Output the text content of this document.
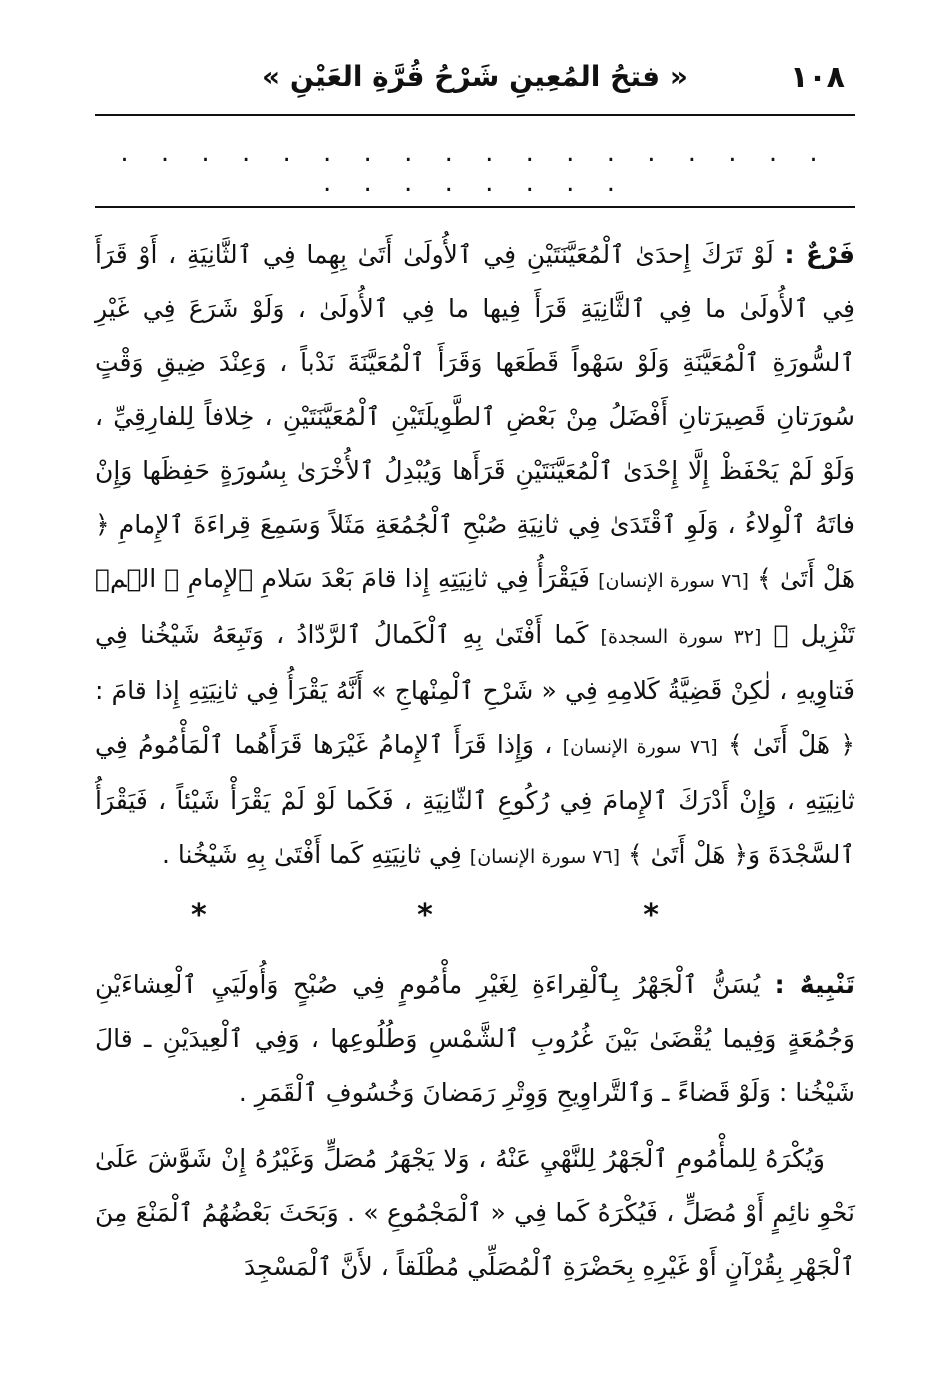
١٠٨
« فتحُ المُعِينِ شَرْحُ قُرَّةِ العَيْنِ »
. . . . . . . . . . . . . . . . . . . . . . . . . .
فَرْعٌ : لَوْ تَرَكَ إِحدَىٰ ٱلْمُعَيَّنَتَيْنِ فِي ٱلأُولَىٰ أَتَىٰ بِهِما فِي ٱلثَّانِيَةِ ، أَوْ قَرَأَ فِي ٱلأُولَىٰ ما فِي ٱلثَّانِيَةِ قَرَأَ فِيها ما فِي ٱلأُولَىٰ ، وَلَوْ شَرَعَ فِي غَيْرِ ٱلسُّورَةِ ٱلْمُعَيَّنَةِ وَلَوْ سَهْواً قَطَعَها وَقَرَأَ ٱلْمُعَيَّنَةَ نَدْباً ، وَعِنْدَ ضِيقِ وَقْتٍ سُورَتانِ قَصِيرَتانِ أَفْضَلُ مِنْ بَعْضِ ٱلطَّوِيلَتَيْنِ ٱلْمُعَيَّنَتَيْنِ ، خِلافاً لِلفارِقِيِّ ، وَلَوْ لَمْ يَحْفَظْ إِلَّا إِحْدَىٰ ٱلْمُعَيَّنَتَيْنِ قَرَأَها وَيُبْدِلُ ٱلأُخْرَىٰ بِسُورَةٍ حَفِظَها وَإِنْ فاتَهُ ٱلْوِلاءُ ، وَلَوِ ٱقْتَدَىٰ فِي ثانِيَةِ صُبْحِ ٱلْجُمُعَةِ مَثَلاً وَسَمِعَ قِراءَةَ ٱلإِمامِ ﴿ هَلْ أَتَىٰ ﴾ [٧٦ سورة الإنسان] فَيَقْرَأُ فِي ثانِيَتِهِ إِذا قامَ بَعْدَ سَلامِ ٱلإِمامِ ﴿ الۤمۤ تَنْزِيل ﴾ [٣٢ سورة السجدة] كَما أَفْتَىٰ بِهِ ٱلْكَمالُ ٱلرَّدّادُ ، وَتَبِعَهُ شَيْخُنا فِي فَتاوِيهِ ، لٰكِنْ قَضِيَّةُ كَلامِهِ فِي « شَرْحِ ٱلْمِنْهاجِ » أَنَّهُ يَقْرَأُ فِي ثانِيَتِهِ إِذا قامَ : ﴿ هَلْ أَتَىٰ ﴾ [٧٦ سورة الإنسان] ، وَإِذا قَرَأَ ٱلإِمامُ غَيْرَها قَرَأَهُما ٱلْمَأْمُومُ فِي ثانِيَتِهِ ، وَإِنْ أَدْرَكَ ٱلإِمامَ فِي رُكُوعِ ٱلثّانِيَةِ ، فَكَما لَوْ لَمْ يَقْرَأْ شَيْئاً ، فَيَقْرَأُ ٱلسَّجْدَةَ وَ﴿ هَلْ أَتَىٰ ﴾ [٧٦ سورة الإنسان] فِي ثانِيَتِهِ كَما أَفْتَىٰ بِهِ شَيْخُنا .
* * *
تَنْبِيهٌ : يُسَنُّ ٱلْجَهْرُ بِٱلْقِراءَةِ لِغَيْرِ مأْمُومٍ فِي صُبْحٍ وَأُولَيَيِ ٱلْعِشاءَيْنِ وَجُمُعَةٍ وَفِيما يُقْضَىٰ بَيْنَ غُرُوبِ ٱلشَّمْسِ وَطُلُوعِها ، وَفِي ٱلْعِيدَيْنِ ـ قالَ شَيْخُنا : وَلَوْ قَضاءً ـ وَٱلتَّراوِيحِ وَوِتْرِ رَمَضانَ وَخُسُوفِ ٱلْقَمَرِ .
وَيُكْرَهُ لِلمأْمُومِ ٱلْجَهْرُ لِلنَّهْيِ عَنْهُ ، وَلا يَجْهَرُ مُصَلٍّ وَغَيْرُهُ إِنْ شَوَّشَ عَلَىٰ نَحْوِ نائِمٍ أَوْ مُصَلٍّ ، فَيُكْرَهُ كَما فِي « ٱلْمَجْمُوعِ » . وَبَحَثَ بَعْضُهُمُ ٱلْمَنْعَ مِنَ ٱلْجَهْرِ بِقُرْآنٍ أَوْ غَيْرِهِ بِحَضْرَةِ ٱلْمُصَلِّي مُطْلَقاً ، لأَنَّ ٱلْمَسْجِدَ
